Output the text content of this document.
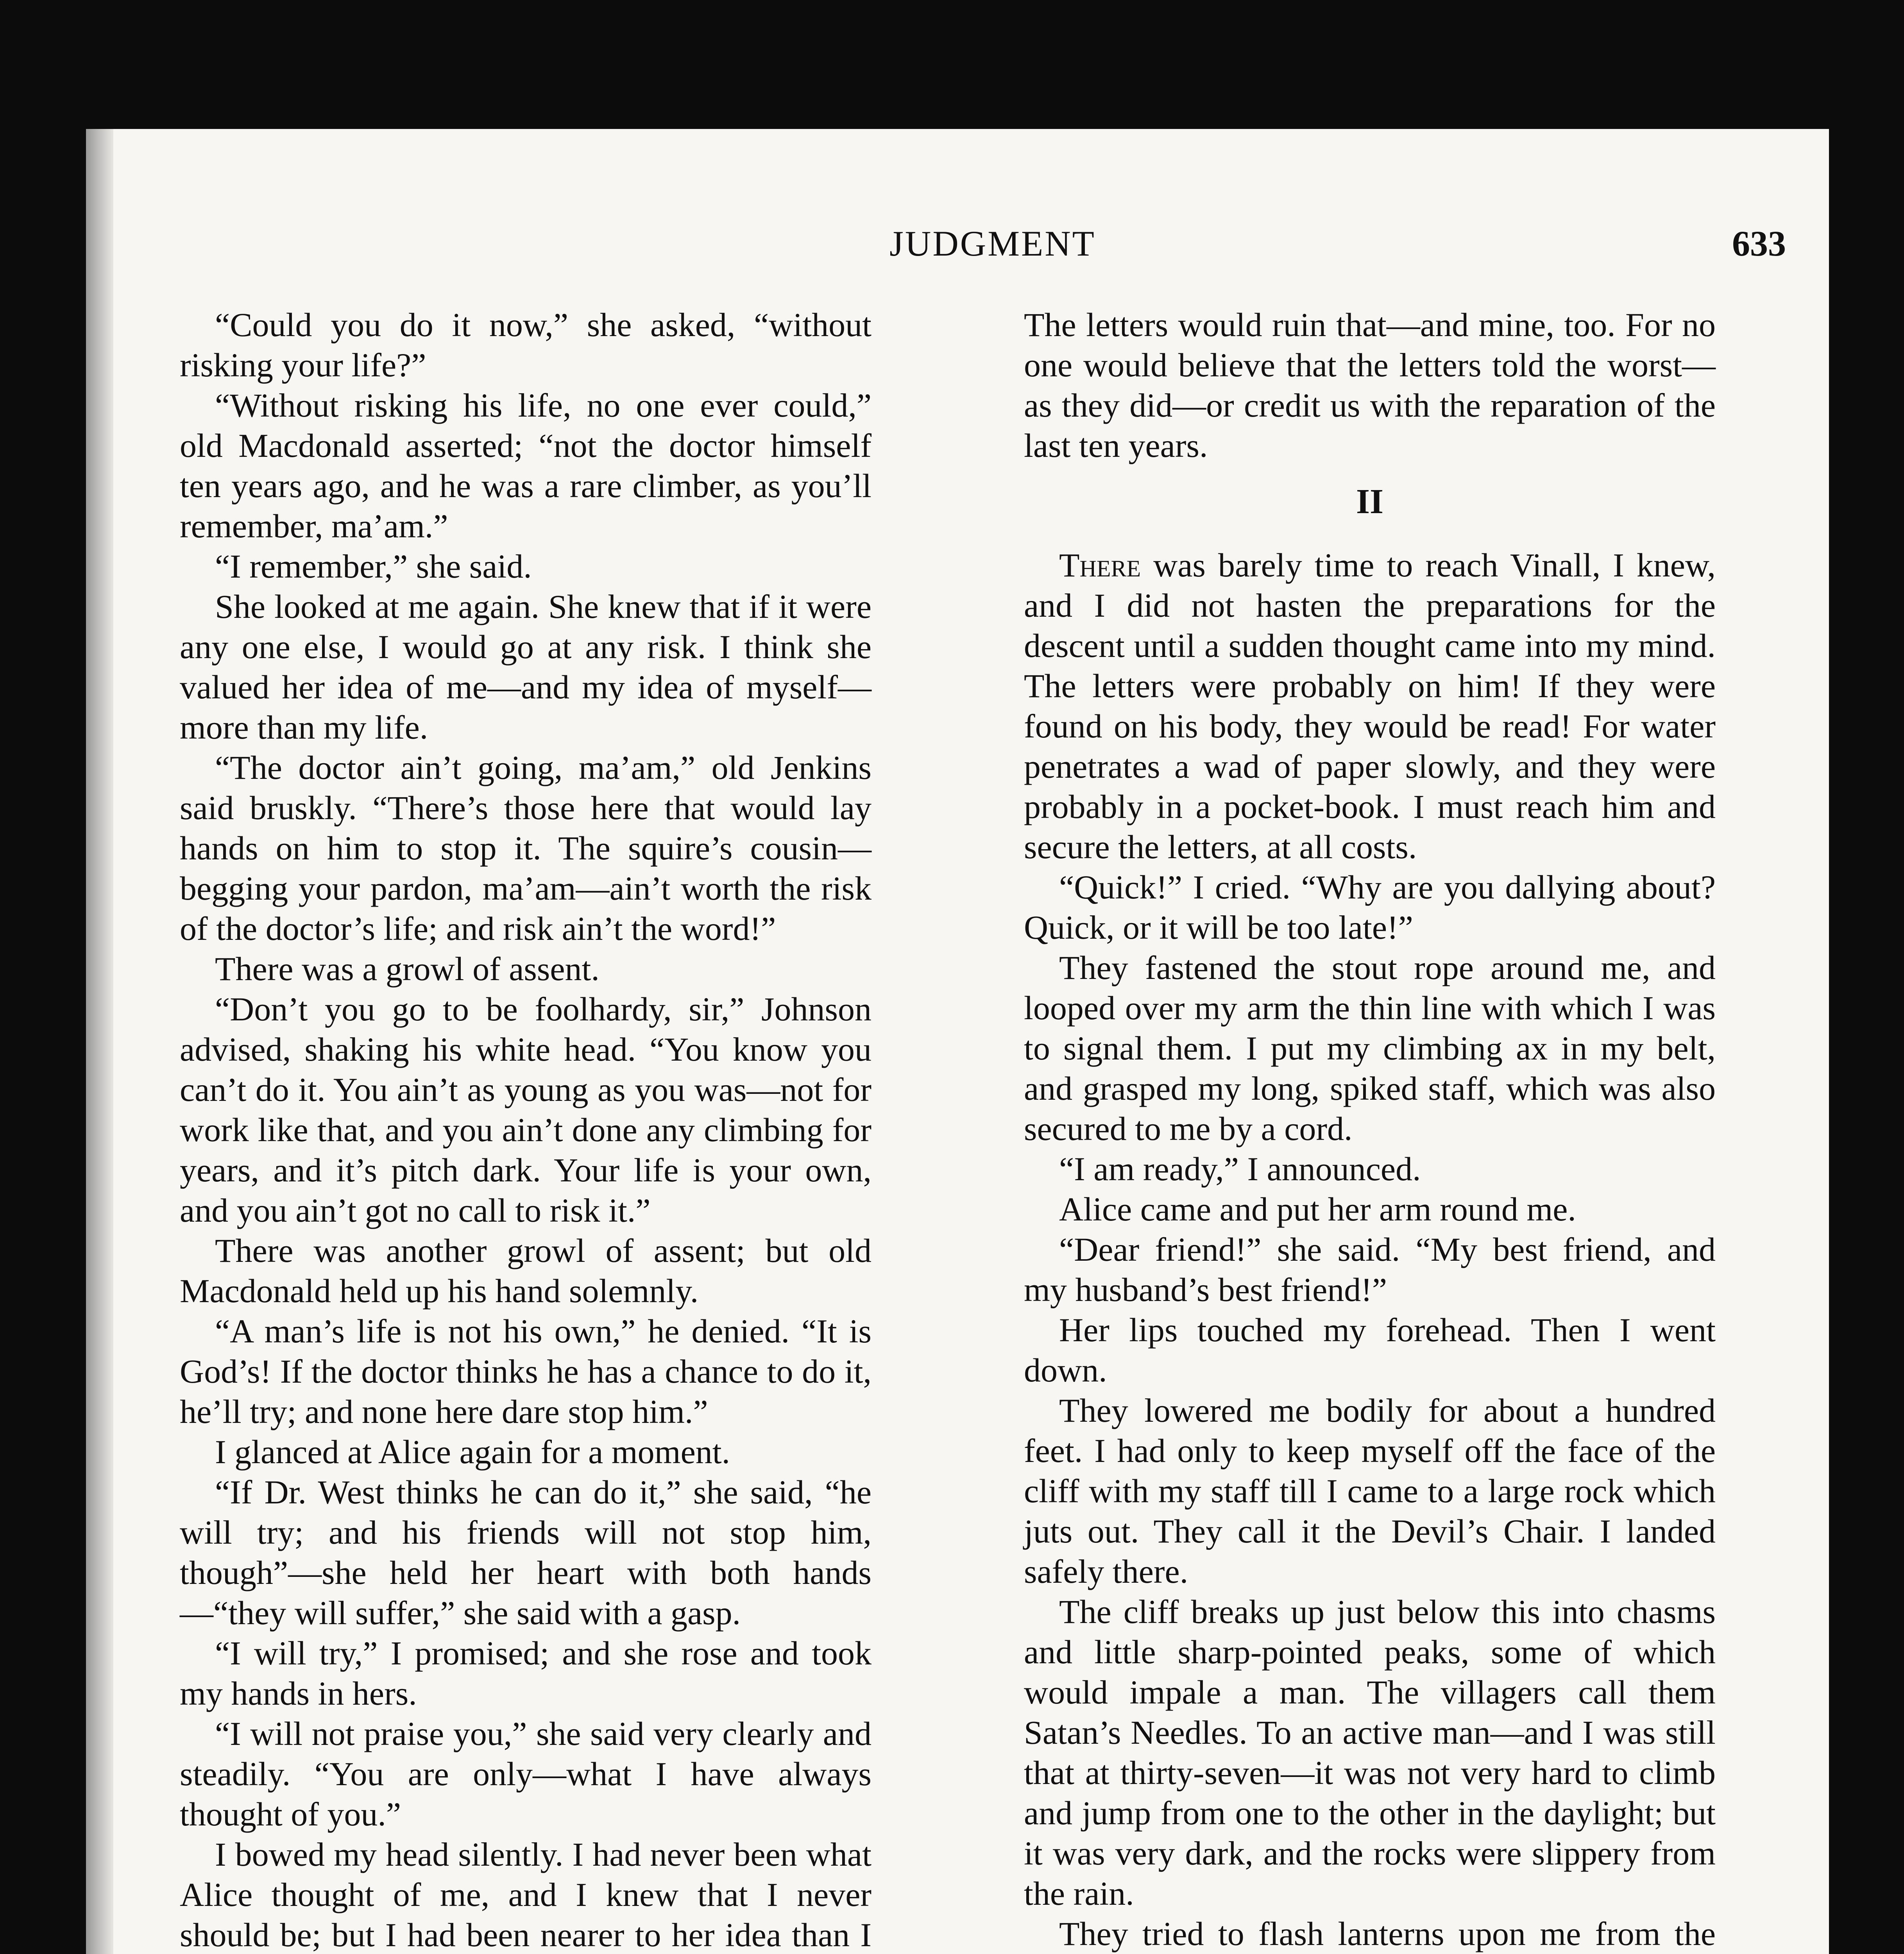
JUDGMENT	633

“Could you do it now,” she asked, “without risking your life?”

“Without risking his life, no one ever could,” old Macdonald asserted; “not the doctor himself ten years ago, and he was a rare climber, as you’ll remember, ma’am.”

“I remember,” she said.

She looked at me again. She knew that if it were any one else, I would go at any risk. I think she valued her idea of me—and my idea of myself—more than my life.

“The doctor ain’t going, ma’am,” old Jenkins said bruskly. “There’s those here that would lay hands on him to stop it. The squire’s cousin—begging your pardon, ma’am—ain’t worth the risk of the doctor’s life; and risk ain’t the word!”

There was a growl of assent.

“Don’t you go to be foolhardy, sir,” Johnson advised, shaking his white head. “You know you can’t do it. You ain’t as young as you was—not for work like that, and you ain’t done any climbing for years, and it’s pitch dark. Your life is your own, and you ain’t got no call to risk it.”

There was another growl of assent; but old Macdonald held up his hand solemnly.

“A man’s life is not his own,” he denied. “It is God’s! If the doctor thinks he has a chance to do it, he’ll try; and none here dare stop him.”

I glanced at Alice again for a moment.

“If Dr. West thinks he can do it,” she said, “he will try; and his friends will not stop him, though”—she held her heart with both hands—“they will suffer,” she said with a gasp.

“I will try,” I promised; and she rose and took my hands in hers.

“I will not praise you,” she said very clearly and steadily. “You are only—what I have always thought of you.”

I bowed my head silently. I had never been what Alice thought of me, and I knew that I never should be; but I had been nearer to her idea than I

The letters would ruin that—and mine, too. For no one would believe that the letters told the worst—as they did—or credit us with the reparation of the last ten years.

II

There was barely time to reach Vinall, I knew, and I did not hasten the preparations for the descent until a sudden thought came into my mind. The letters were probably on him! If they were found on his body, they would be read! For water penetrates a wad of paper slowly, and they were probably in a pocket-book. I must reach him and secure the letters, at all costs.

“Quick!” I cried. “Why are you dallying about? Quick, or it will be too late!”

They fastened the stout rope around me, and looped over my arm the thin line with which I was to signal them. I put my climbing ax in my belt, and grasped my long, spiked staff, which was also secured to me by a cord.

“I am ready,” I announced.

Alice came and put her arm round me.

“Dear friend!” she said. “My best friend, and my husband’s best friend!”

Her lips touched my forehead. Then I went down.

They lowered me bodily for about a hundred feet. I had only to keep myself off the face of the cliff with my staff till I came to a large rock which juts out. They call it the Devil’s Chair. I landed safely there.

The cliff breaks up just below this into chasms and little sharp-pointed peaks, some of which would impale a man. The villagers call them Satan’s Needles. To an active man—and I was still that at thirty-seven—it was not very hard to climb and jump from one to the other in the daylight; but it was very dark, and the rocks were slippery from the rain.

They tried to flash lanterns upon me from the
